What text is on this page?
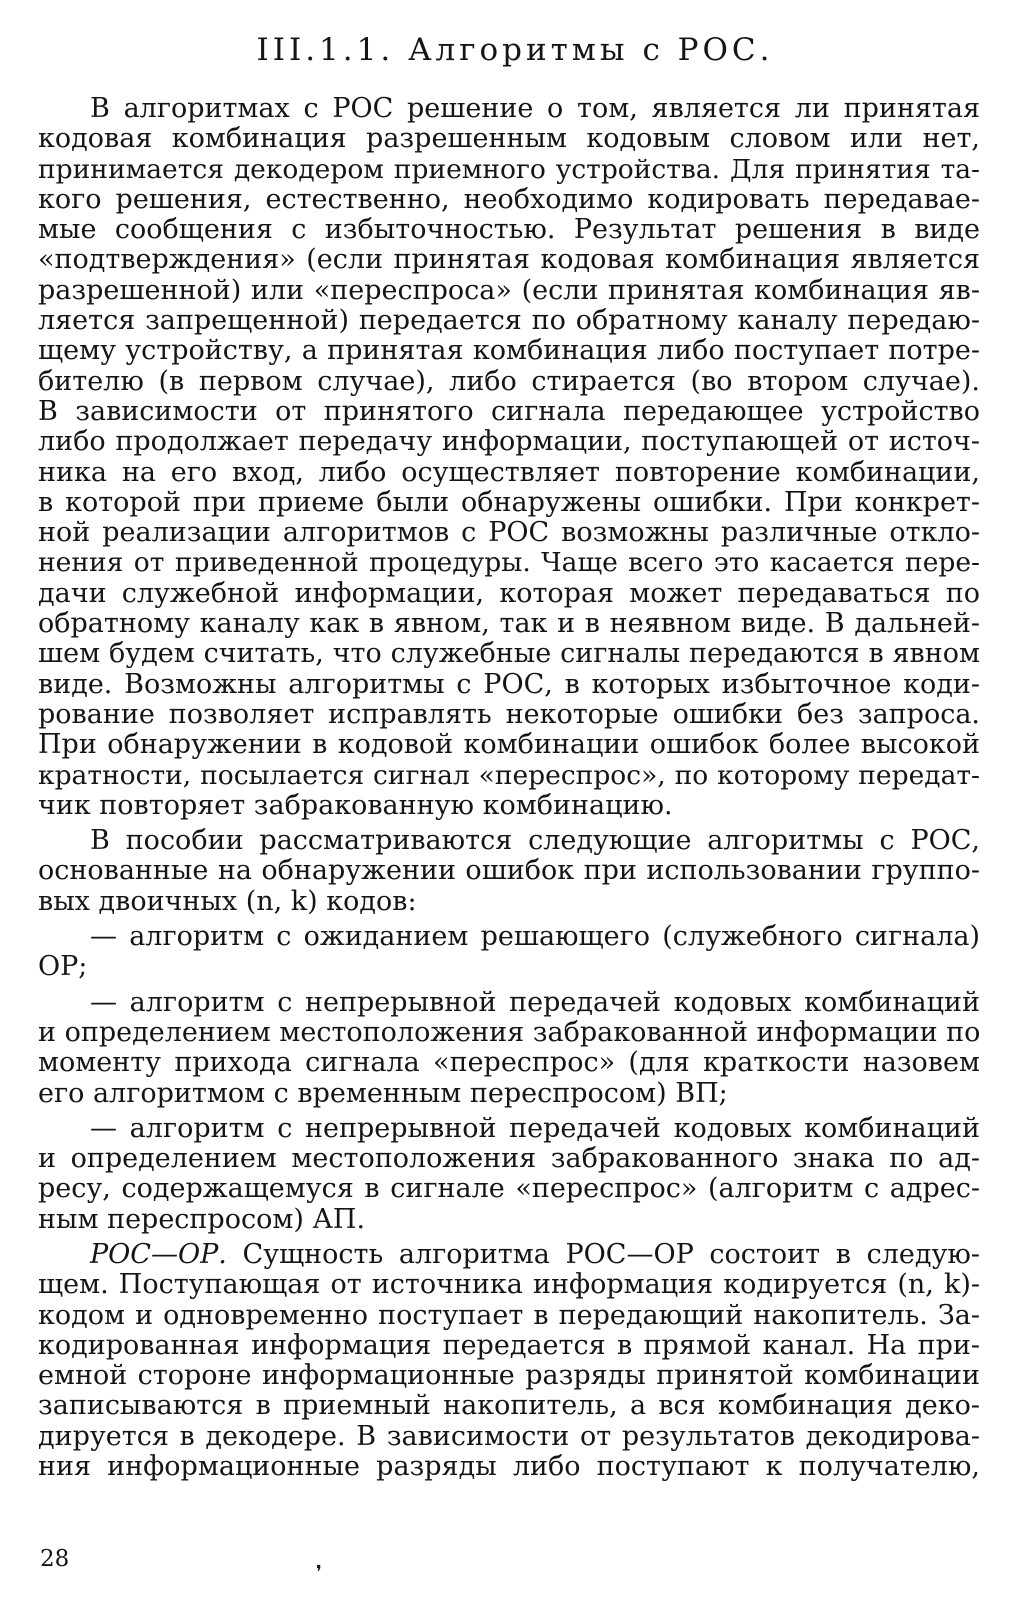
III.1.1. Алгоритмы с РОС.
В алгоритмах с РОС решение о том, является ли принятая
кодовая комбинация разрешенным кодовым словом или нет,
принимается декодером приемного устройства. Для принятия та-
кого решения, естественно, необходимо кодировать передавае-
мые сообщения с избыточностью. Результат решения в виде
«подтверждения» (если принятая кодовая комбинация является
разрешенной) или «переспроса» (если принятая комбинация яв-
ляется запрещенной) передается по обратному каналу передаю-
щему устройству, а принятая комбинация либо поступает потре-
бителю (в первом случае), либо стирается (во втором случае).
В зависимости от принятого сигнала передающее устройство
либо продолжает передачу информации, поступающей от источ-
ника на его вход, либо осуществляет повторение комбинации,
в которой при приеме были обнаружены ошибки. При конкрет-
ной реализации алгоритмов с РОС возможны различные откло-
нения от приведенной процедуры. Чаще всего это касается пере-
дачи служебной информации, которая может передаваться по
обратному каналу как в явном, так и в неявном виде. В дальней-
шем будем считать, что служебные сигналы передаются в явном
виде. Возможны алгоритмы с РОС, в которых избыточное коди-
рование позволяет исправлять некоторые ошибки без запроса.
При обнаружении в кодовой комбинации ошибок более высокой
кратности, посылается сигнал «переспрос», по которому передат-
чик повторяет забракованную комбинацию.
В пособии рассматриваются следующие алгоритмы с РОС,
основанные на обнаружении ошибок при использовании группо-
вых двоичных (n, k) кодов:
— алгоритм с ожиданием решающего (служебного сигнала)
ОР;
— алгоритм с непрерывной передачей кодовых комбинаций
и определением местоположения забракованной информации по
моменту прихода сигнала «переспрос» (для краткости назовем
его алгоритмом с временным переспросом) ВП;
— алгоритм с непрерывной передачей кодовых комбинаций
и определением местоположения забракованного знака по ад-
ресу, содержащемуся в сигнале «переспрос» (алгоритм с адрес-
ным переспросом) АП.
РОС—ОР. Сущность алгоритма РОС—ОР состоит в следую-
щем. Поступающая от источника информация кодируется (n, k)-
кодом и одновременно поступает в передающий накопитель. За-
кодированная информация передается в прямой канал. На при-
емной стороне информационные разряды принятой комбинации
записываются в приемный накопитель, а вся комбинация деко-
дируется в декодере. В зависимости от результатов декодирова-
ния информационные разряды либо поступают к получателю,
28
❜
